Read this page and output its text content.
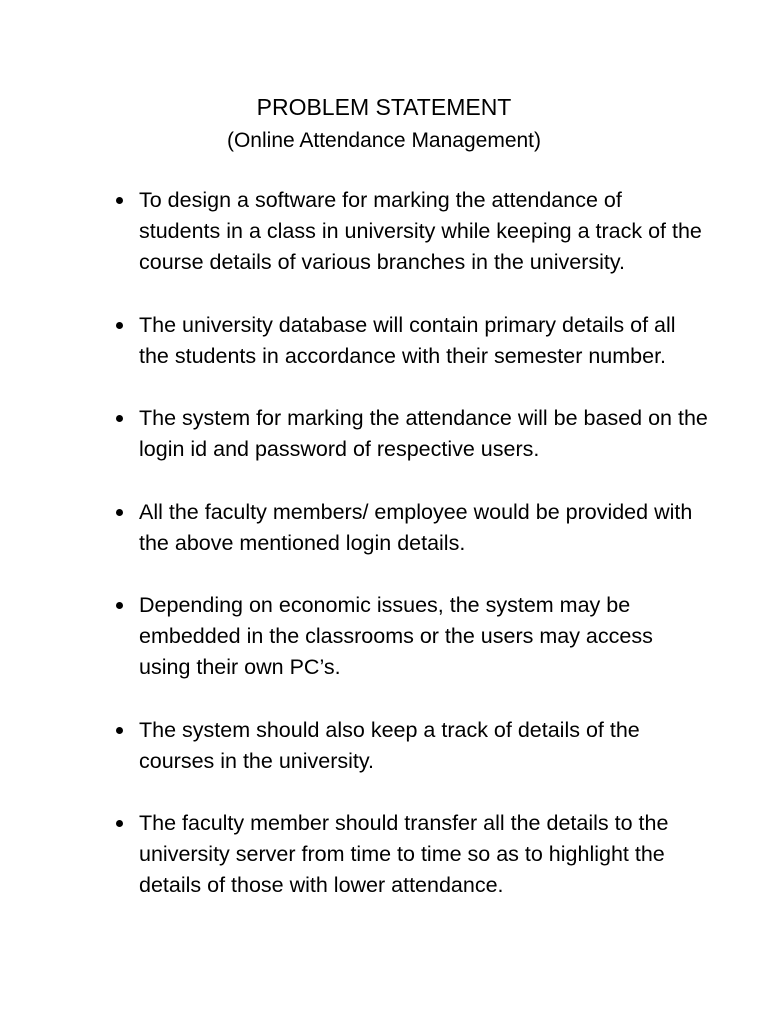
PROBLEM STATEMENT
(Online Attendance Management)
To design a software for marking the attendance of students in a class in university while keeping a track of the course details of various branches in the university.
The university database will contain primary details of all the students in accordance with their semester number.
The system for marking the attendance will be based on the login id and password of respective users.
All the faculty members/ employee would be provided with the above mentioned login details.
Depending on economic issues, the system may be embedded in the classrooms or the users may access using their own PC’s.
The system should also keep a track of details of the courses in the university.
The faculty member should transfer all the details to the university server from time to time so as to highlight the details of those with lower attendance.
